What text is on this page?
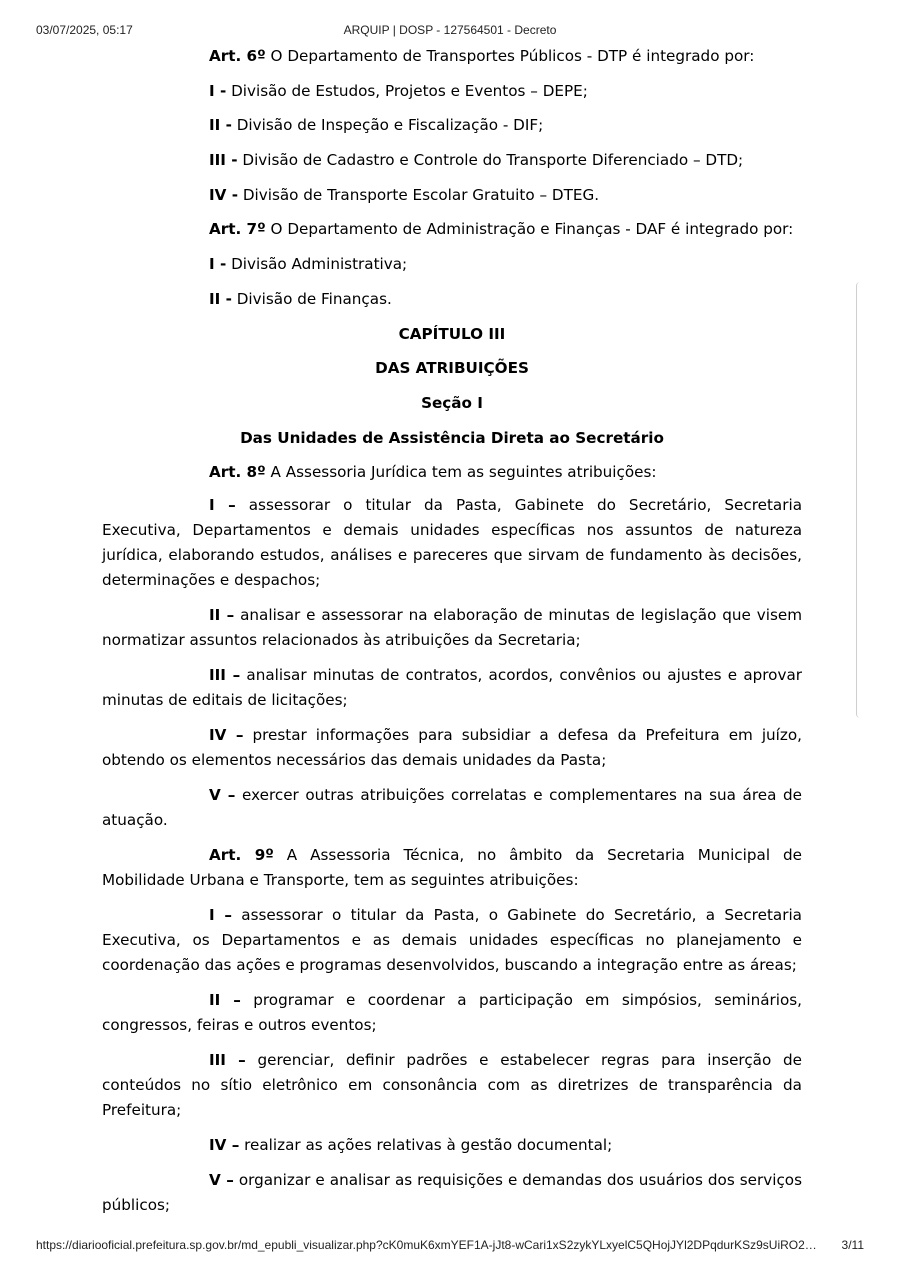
03/07/2025, 05:17	ARQUIP | DOSP - 127564501 - Decreto
Art. 6º O Departamento de Transportes Públicos - DTP é integrado por:
I - Divisão de Estudos, Projetos e Eventos – DEPE;
II - Divisão de Inspeção e Fiscalização - DIF;
III - Divisão de Cadastro e Controle do Transporte Diferenciado – DTD;
IV - Divisão de Transporte Escolar Gratuito – DTEG.
Art. 7º O Departamento de Administração e Finanças - DAF é integrado por:
I - Divisão Administrativa;
II - Divisão de Finanças.
CAPÍTULO III
DAS ATRIBUIÇÕES
Seção I
Das Unidades de Assistência Direta ao Secretário
Art. 8º A Assessoria Jurídica tem as seguintes atribuições:
I – assessorar o titular da Pasta, Gabinete do Secretário, Secretaria Executiva, Departamentos e demais unidades específicas nos assuntos de natureza jurídica, elaborando estudos, análises e pareceres que sirvam de fundamento às decisões, determinações e despachos;
II – analisar e assessorar na elaboração de minutas de legislação que visem normatizar assuntos relacionados às atribuições da Secretaria;
III – analisar minutas de contratos, acordos, convênios ou ajustes e aprovar minutas de editais de licitações;
IV – prestar informações para subsidiar a defesa da Prefeitura em juízo, obtendo os elementos necessários das demais unidades da Pasta;
V – exercer outras atribuições correlatas e complementares na sua área de atuação.
Art. 9º A Assessoria Técnica, no âmbito da Secretaria Municipal de Mobilidade Urbana e Transporte, tem as seguintes atribuições:
I – assessorar o titular da Pasta, o Gabinete do Secretário, a Secretaria Executiva, os Departamentos e as demais unidades específicas no planejamento e coordenação das ações e programas desenvolvidos, buscando a integração entre as áreas;
II – programar e coordenar a participação em simpósios, seminários, congressos, feiras e outros eventos;
III – gerenciar, definir padrões e estabelecer regras para inserção de conteúdos no sítio eletrônico em consonância com as diretrizes de transparência da Prefeitura;
IV – realizar as ações relativas à gestão documental;
V – organizar e analisar as requisições e demandas dos usuários dos serviços públicos;
https://diariooficial.prefeitura.sp.gov.br/md_epubli_visualizar.php?cK0muK6xmYEF1A-jJt8-wCari1xS2zykYLxyelC5QHojJYl2DPqdurKSz9sUiRO2…	3/11
